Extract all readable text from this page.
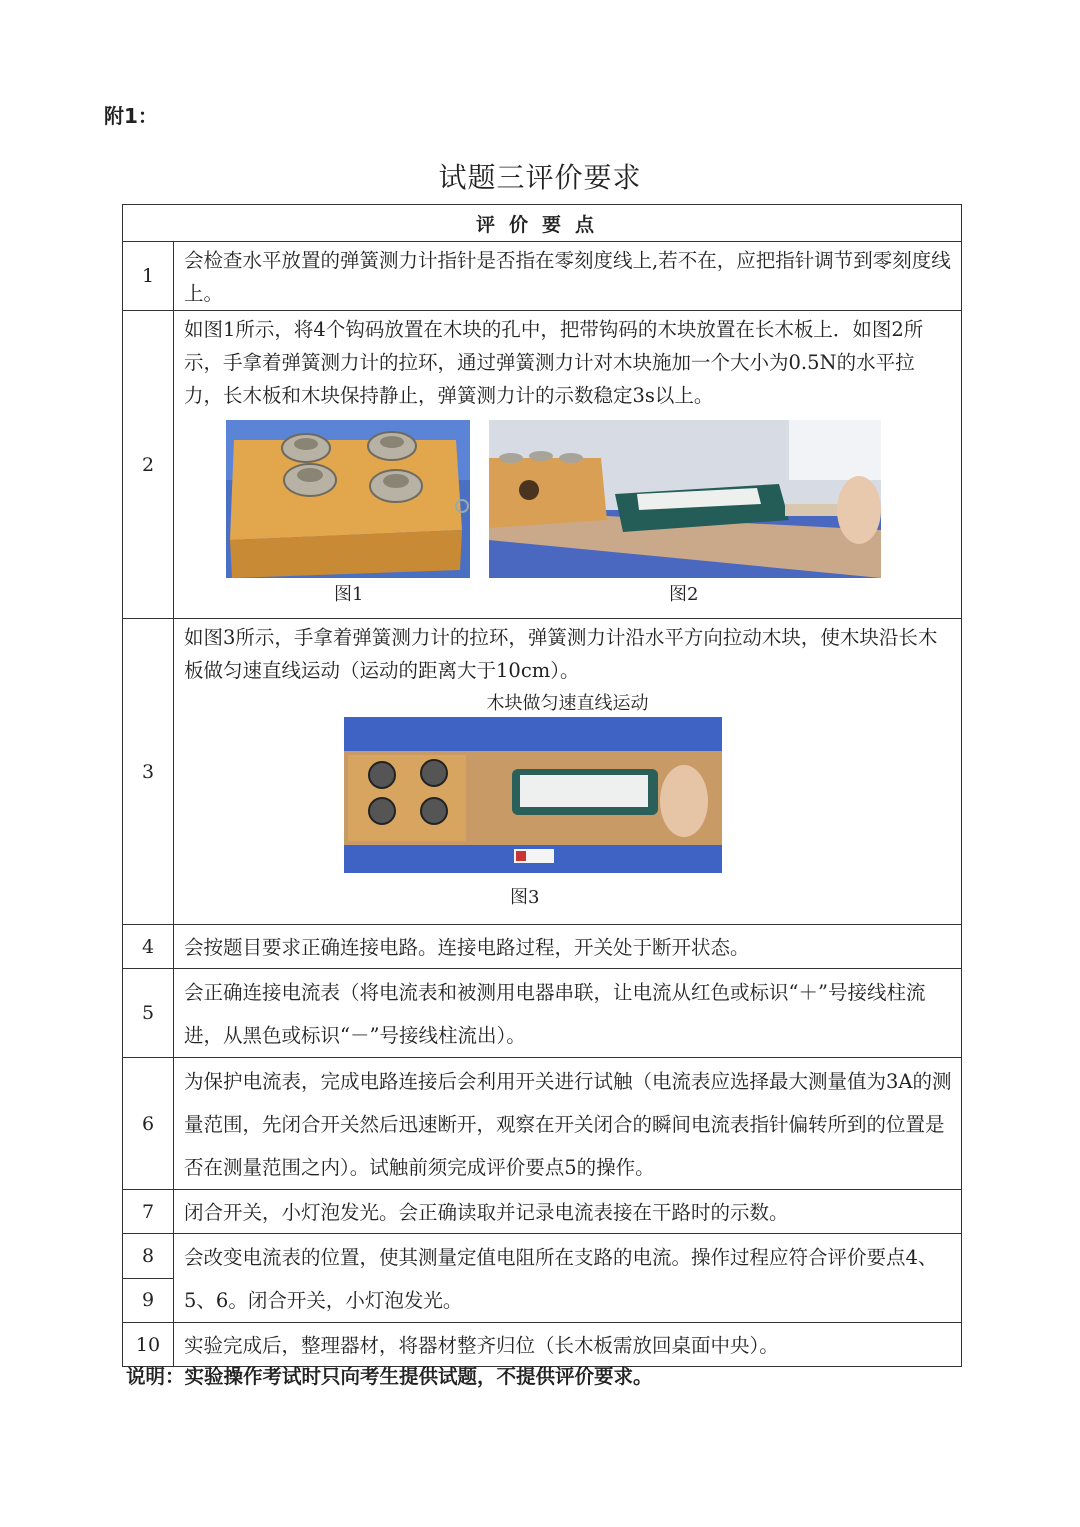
附1：
试题三评价要求
评价要点	
1	会检查水平放置的弹簧测力计指针是否指在零刻度线上,若不在，应把指针调节到零刻度线上。

2	如图1所示，将4个钩码放置在木块的孔中，把带钩码的木块放置在长木板上．如图2所示，手拿着弹簧测力计的拉环，通过弹簧测力计对木块施加一个大小为0.5N的水平拉力，长木板和木块保持静止，弹簧测力计的示数稳定3s以上。
图1 图2

3	如图3所示，手拿着弹簧测力计的拉环，弹簧测力计沿水平方向拉动木块，使木块沿长木板做匀速直线运动（运动的距离大于10cm）。
木块做匀速直线运动
图3

4	会按题目要求正确连接电路。连接电路过程，开关处于断开状态。

5	会正确连接电流表（将电流表和被测用电器串联，让电流从红色或标识“＋”号接线柱流进，从黑色或标识“－”号接线柱流出）。

6	为保护电流表，完成电路连接后会利用开关进行试触（电流表应选择最大测量值为3A的测量范围，先闭合开关然后迅速断开，观察在开关闭合的瞬间电流表指针偏转所到的位置是否在测量范围之内）。试触前须完成评价要点5的操作。

7	闭合开关，小灯泡发光。会正确读取并记录电流表接在干路时的示数。

8	会改变电流表的位置，使其测量定值电阻所在支路的电流。操作过程应符合评价要点4、5、6。闭合开关，小灯泡发光。

9	
10	实验完成后，整理器材，将器材整齐归位（长木板需放回桌面中央）。
说明：实验操作考试时只向考生提供试题，不提供评价要求。
